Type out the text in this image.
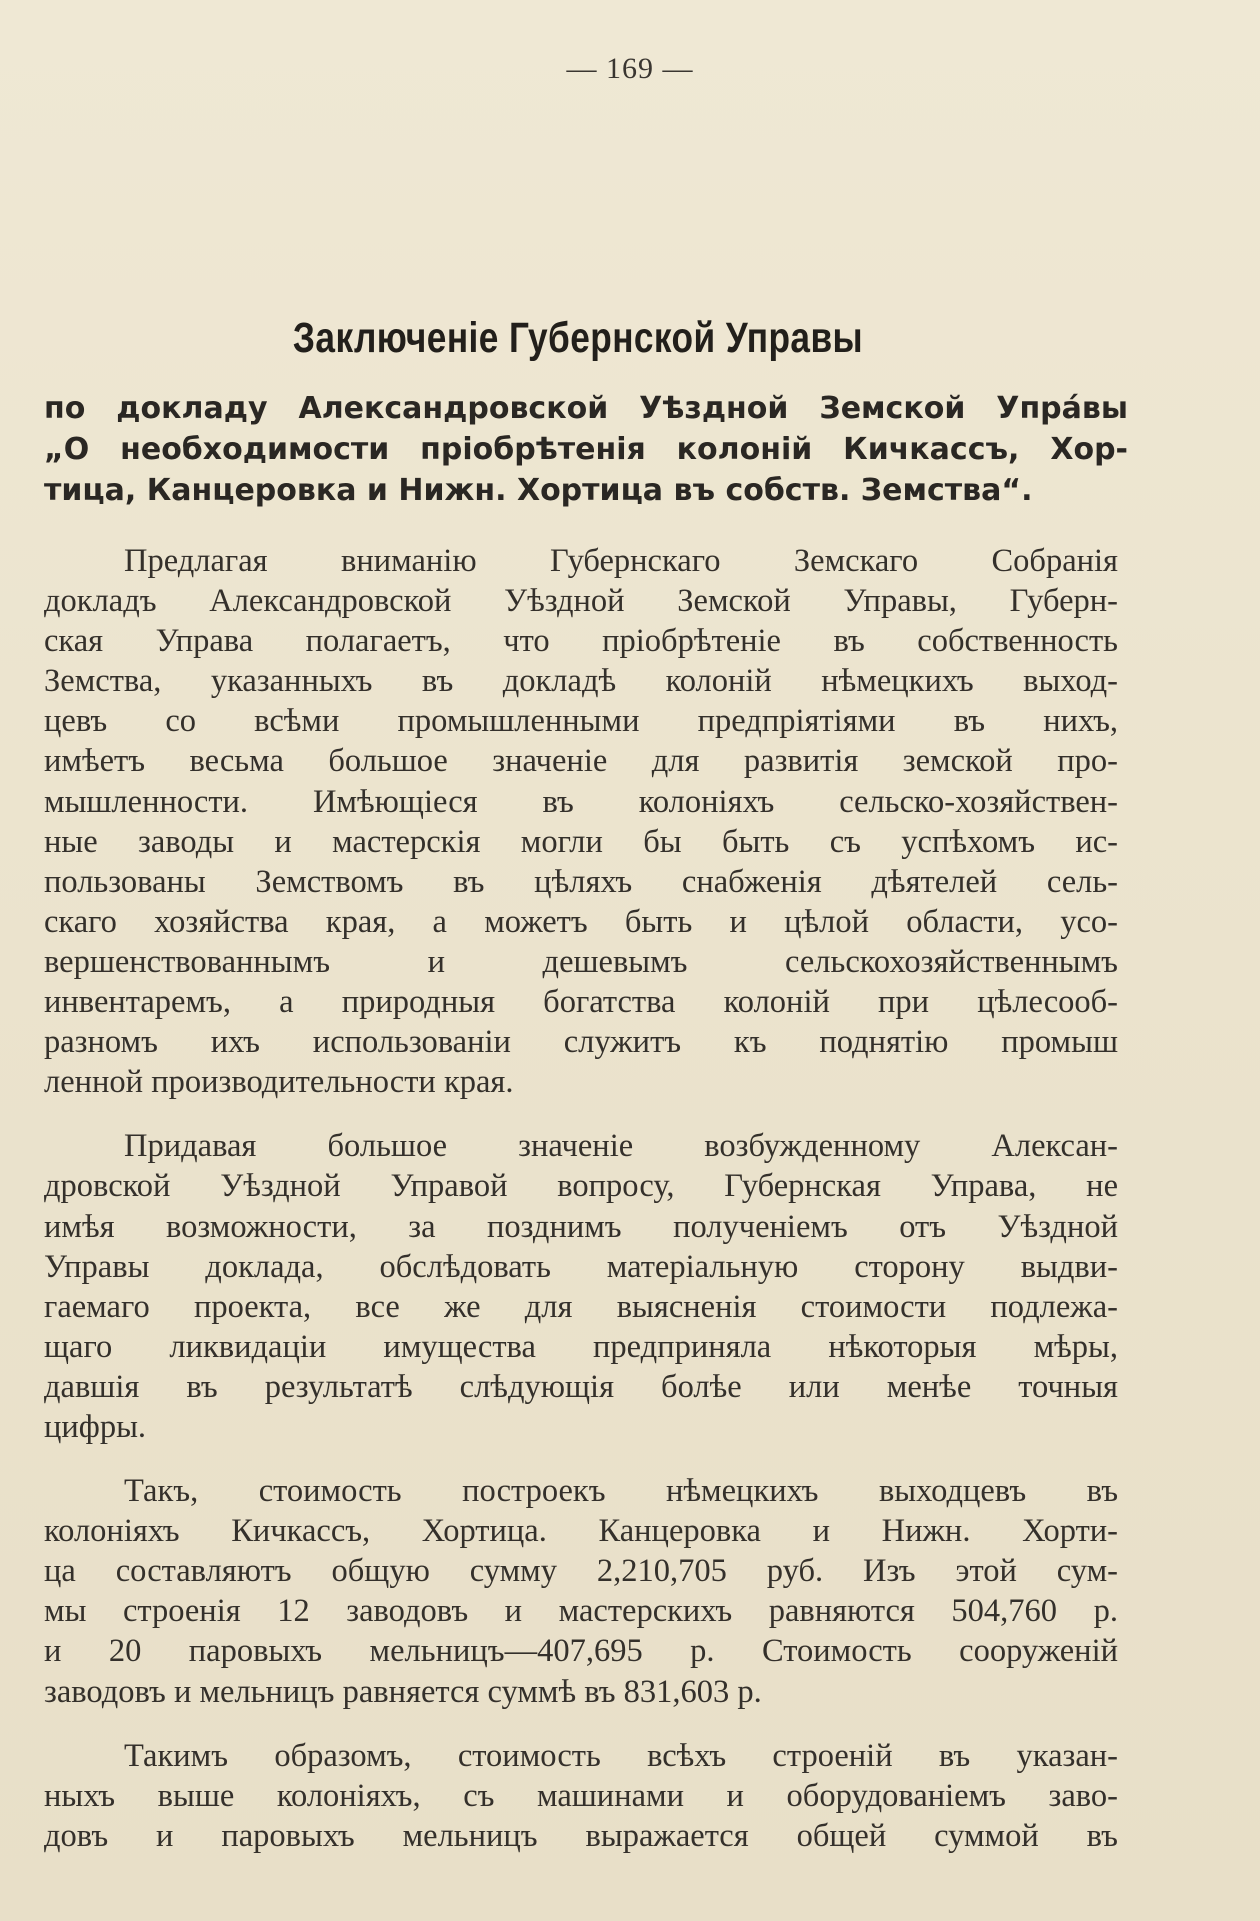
— 169 —
Заключенiе Губернской Управы
по докладу Александровской Уѣздной Земской Упрáвы
„О необходимости прiобрѣтенiя колонiй Кичкассъ, Хор-
тица, Канцеровка и Нижн. Хортица въ собств. Земства“.
Предлагая вниманiю Губернскаго Земскаго Собранiя
докладъ Александровской Уѣздной Земской Управы, Губерн-
ская Управа полагаетъ, что прiобрѣтенiе въ собственность
Земства, указанныхъ въ докладѣ колонiй нѣмецкихъ выход-
цевъ со всѣми промышленными предпрiятiями въ нихъ,
имѣетъ весьма большое значенiе для развитiя земской про-
мышленности. Имѣющiеся въ колонiяхъ сельско-хозяйствен-
ные заводы и мастерскiя могли бы быть съ успѣхомъ ис-
пользованы Земствомъ въ цѣляхъ снабженiя дѣятелей сель-
скаго хозяйства края, а можетъ быть и цѣлой области, усо-
вершенствованнымъ и дешевымъ сельскохозяйственнымъ
инвентаремъ, а природныя богатства колонiй при цѣлесооб-
разномъ ихъ использованiи служитъ къ поднятiю промыш
ленной производительности края.
Придавая большое значенiе возбужденному Алексан-
дровской Уѣздной Управой вопросу, Губернская Управа, не
имѣя возможности, за позднимъ полученiемъ отъ Уѣздной
Управы доклада, обслѣдовать матерiальную сторону выдви-
гаемаго проекта, все же для выясненiя стоимости подлежа-
щаго ликвидацiи имущества предприняла нѣкоторыя мѣры,
давшiя въ результатѣ слѣдующiя болѣе или менѣе точныя
цифры.
Такъ, стоимость построекъ нѣмецкихъ выходцевъ въ
колонiяхъ Кичкассъ, Хортица. Канцеровка и Нижн. Хорти-
ца составляютъ общую сумму 2,210,705 руб. Изъ этой сум-
мы строенiя 12 заводовъ и мастерскихъ равняются 504,760 р.
и 20 паровыхъ мельницъ—407,695 р. Стоимость сооруженiй
заводовъ и мельницъ равняется суммѣ въ 831,603 р.
Такимъ образомъ, стоимость всѣхъ строенiй въ указан-
ныхъ выше колонiяхъ, съ машинами и оборудованiемъ заво-
довъ и паровыхъ мельницъ выражается общей суммой въ
